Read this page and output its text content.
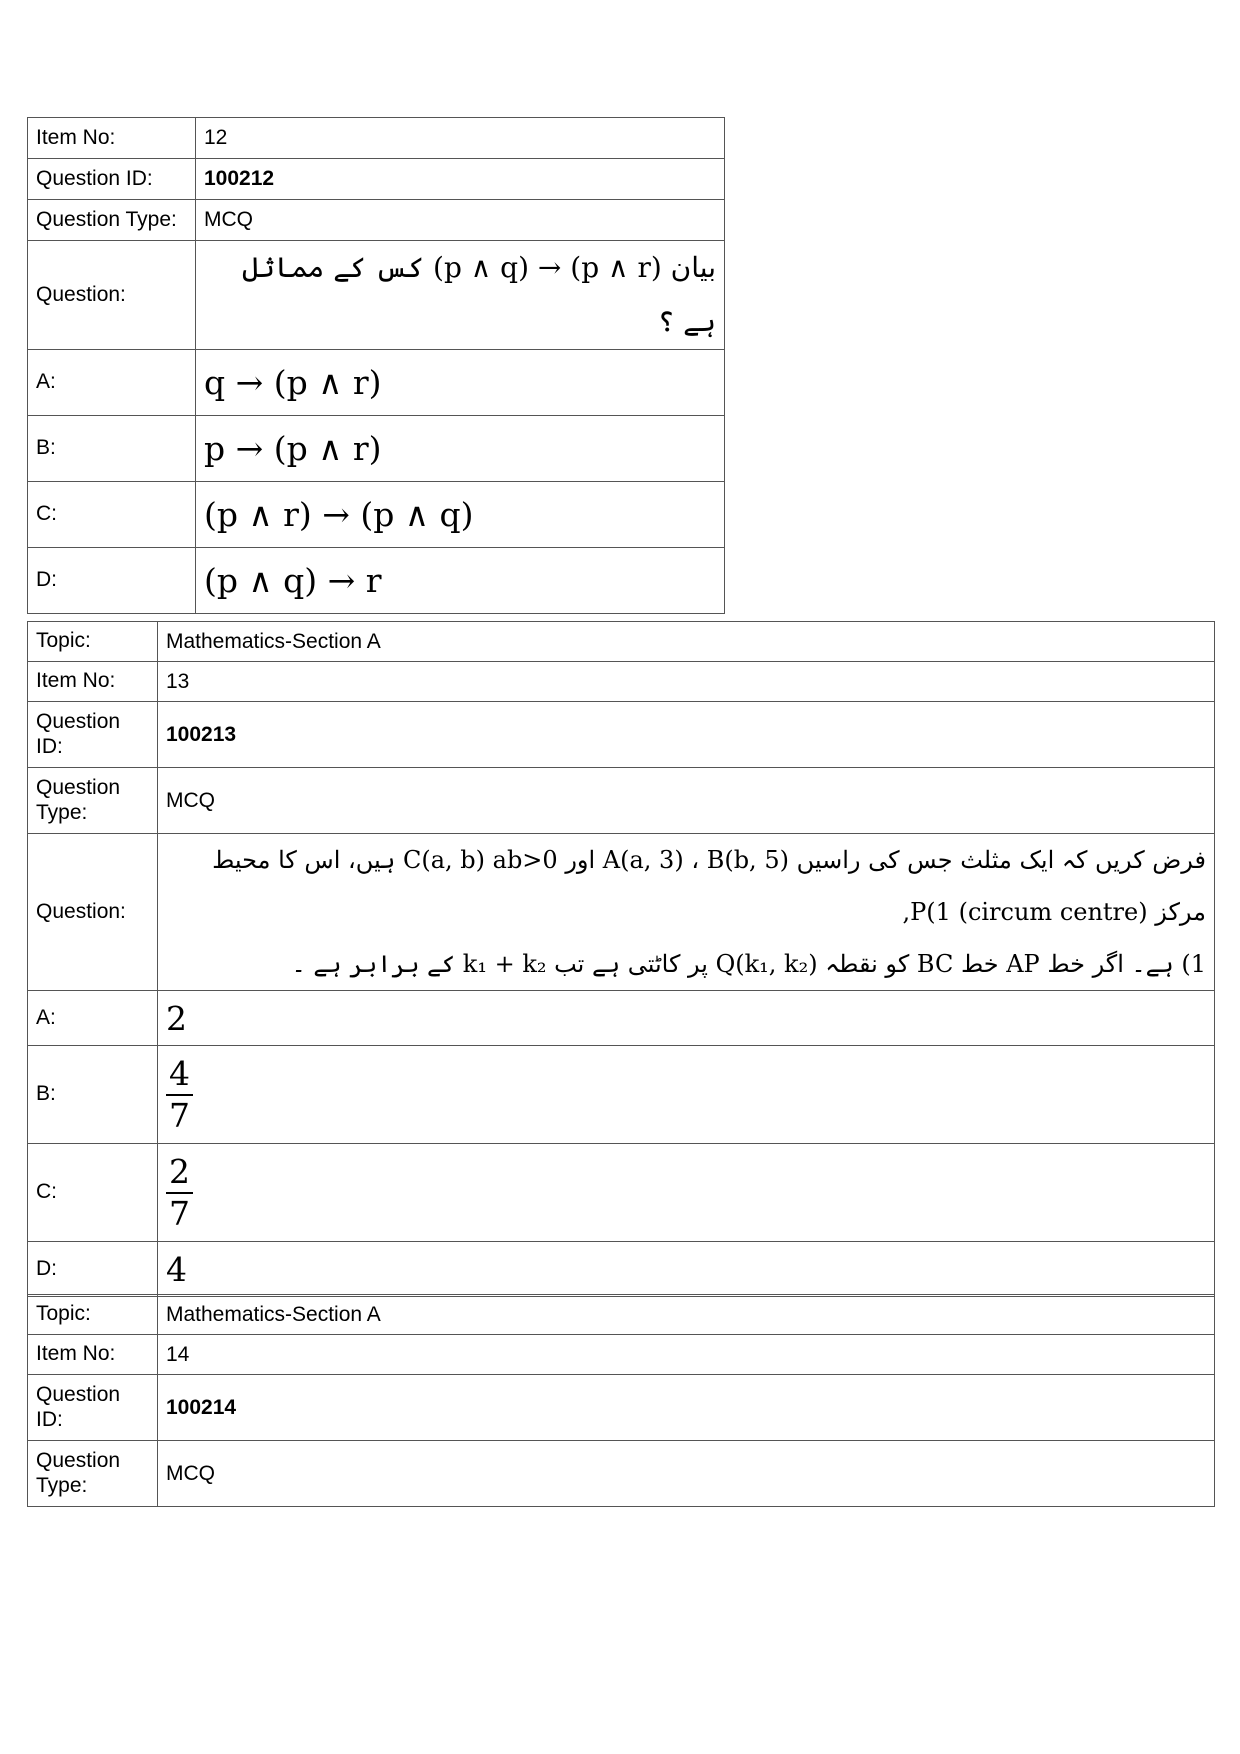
Item No:	12
Question ID:	100212
Question Type:	MCQ
Question:	بیان (p ∧ r) → (p ∧ q) کس کے مماثل ہے ؟
A:	q → (p ∧ r)
B:	p → (p ∧ r)
C:	(p ∧ r) → (p ∧ q)
D:	(p ∧ q) → r
Topic:	Mathematics-Section A
Item No:	13
Question ID:	100213
Question Type:	MCQ
Question:	فرض کریں کہ ایک مثلث جس کی راسیں A(a, 3) ، B(b, 5) اور C(a, b) ab>0 ہیں، اس کا محیط مرکز (circum centre) P(1,
1) ہے۔ اگر خط AP خط BC کو نقطہ Q(k₁, k₂) پر کاٹتی ہے تب k₁ + k₂ کے برابر ہے ۔

A:	2
B:	$\frac{4}{7}$

C:	$\frac{2}{7}$

D:	4
Topic:	Mathematics-Section A
Item No:	14
Question ID:	100214
Question Type:	MCQ
